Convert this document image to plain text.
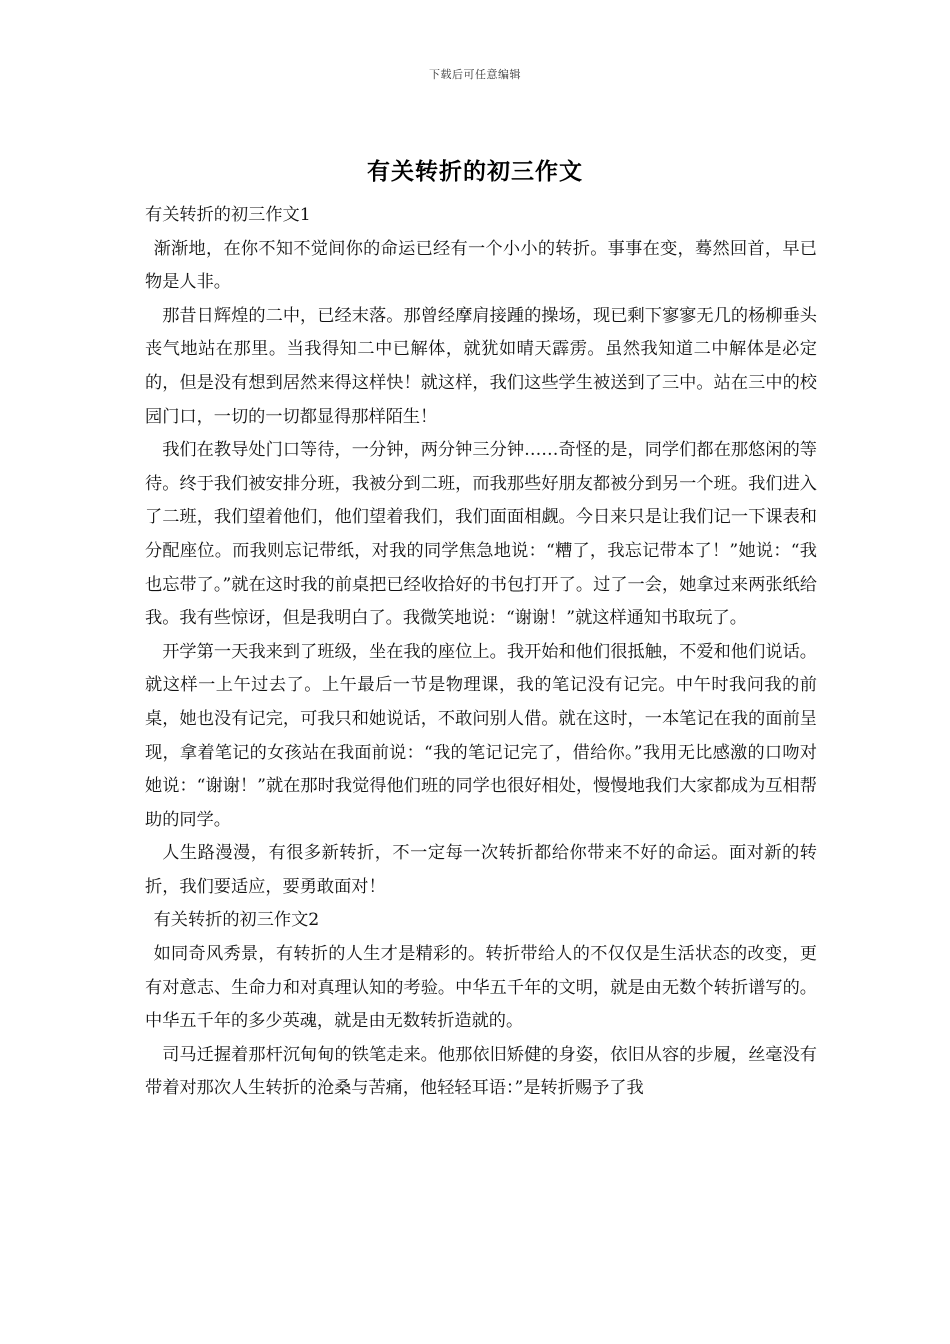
下载后可任意编辑
有关转折的初三作文

有关转折的初三作文1

渐渐地，在你不知不觉间你的命运已经有一个小小的转折。事事在变，蓦然回首，早已物是人非。

那昔日辉煌的二中，已经末落。那曾经摩肩接踵的操场，现已剩下寥寥无几的杨柳垂头丧气地站在那里。当我得知二中已解体，就犹如晴天霹雳。虽然我知道二中解体是必定的，但是没有想到居然来得这样快！就这样，我们这些学生被送到了三中。站在三中的校园门口，一切的一切都显得那样陌生！

我们在教导处门口等待，一分钟，两分钟三分钟……奇怪的是，同学们都在那悠闲的等待。终于我们被安排分班，我被分到二班，而我那些好朋友都被分到另一个班。我们进入了二班，我们望着他们，他们望着我们，我们面面相觑。今日来只是让我们记一下课表和分配座位。而我则忘记带纸，对我的同学焦急地说：“糟了，我忘记带本了！”她说：“我也忘带了。”就在这时我的前桌把已经收拾好的书包打开了。过了一会，她拿过来两张纸给我。我有些惊讶，但是我明白了。我微笑地说：“谢谢！”就这样通知书取玩了。

开学第一天我来到了班级，坐在我的座位上。我开始和他们很抵触，不爱和他们说话。就这样一上午过去了。上午最后一节是物理课，我的笔记没有记完。中午时我问我的前桌，她也没有记完，可我只和她说话，不敢问别人借。就在这时，一本笔记在我的面前呈现，拿着笔记的女孩站在我面前说：“我的笔记记完了，借给你。”我用无比感激的口吻对她说：“谢谢！”就在那时我觉得他们班的同学也很好相处，慢慢地我们大家都成为互相帮助的同学。

人生路漫漫，有很多新转折，不一定每一次转折都给你带来不好的命运。面对新的转折，我们要适应，要勇敢面对！

有关转折的初三作文2

如同奇风秀景，有转折的人生才是精彩的。转折带给人的不仅仅是生活状态的改变，更有对意志、生命力和对真理认知的考验。中华五千年的文明，就是由无数个转折谱写的。中华五千年的多少英魂，就是由无数转折造就的。

司马迁握着那杆沉甸甸的铁笔走来。他那依旧矫健的身姿，依旧从容的步履，丝毫没有带着对那次人生转折的沧桑与苦痛，他轻轻耳语：”是转折赐予了我
